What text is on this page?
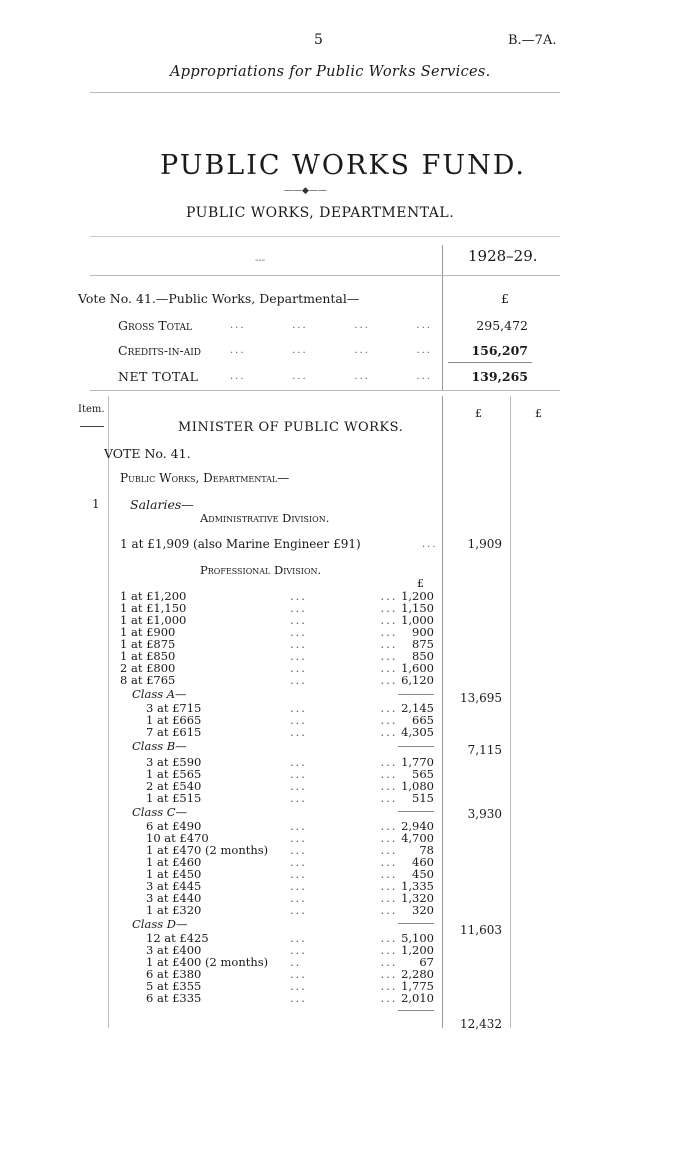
5	B.—7A.
Appropriations for Public Works Services.
PUBLIC WORKS FUND.
——◆——
PUBLIC WORKS, DEPARTMENTAL.
---	1928–29.
Vote No. 41.—Public Works, Departmental—	£
Gross Total	...         ...         ...         ...	295,472
Credits-in-aid	...         ...         ...         ...	156,207
NET TOTAL	...         ...         ...         ...	139,265
Item.	£	£
MINISTER OF PUBLIC WORKS.
VOTE No. 41.
Public Works, Departmental—
1 Salaries—
Administrative Division.
1 at £1,909 (also Marine Engineer £91)	...	1,909
Professional Division.
£
1 at £1,200	...             ... 1,200
1 at £1,150	...             ... 1,150
1 at £1,000	...             ... 1,000
1 at £900	...             ... 900
1 at £875	...             ... 875
1 at £850	...             ... 850
2 at £800	...             ... 1,600
8 at £765	...             ... 6,120
Class A—	13,695
3 at £715	...             ... 2,145
1 at £665	...             ... 665
7 at £615	...             ... 4,305
Class B—	7,115
3 at £590	...             ... 1,770
1 at £565	...             ... 565
2 at £540	...             ... 1,080
1 at £515	...             ... 515
Class C—	3,930
6 at £490	...             ... 2,940
10 at £470	...             ... 4,700
1 at £470 (2 months) ...             ... 78
1 at £460	...             ... 460
1 at £450	...             ... 450
3 at £445	...             ... 1,335
3 at £440	...             ... 1,320
1 at £320	...             ... 320
Class D—	11,603
12 at £425	...             ... 5,100
3 at £400	...             ... 1,200
1 at £400 (2 months) ..              ... 67
6 at £380	...             ... 2,280
5 at £355	...             ... 1,775
6 at £335	...             ... 2,010
12,432
